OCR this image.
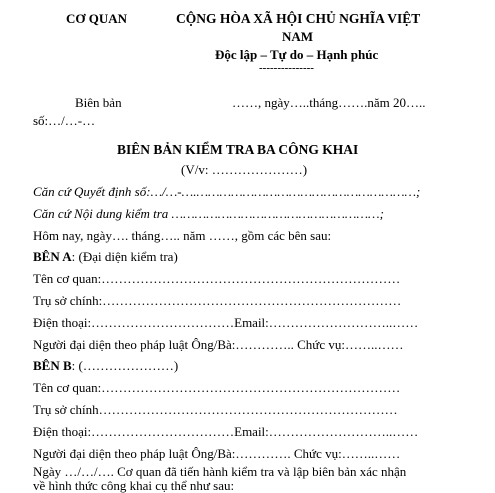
CƠ QUAN	CỘNG HÒA XÃ HỘI CHỦ NGHĨA VIỆT
NAM
Độc lập – Tự do – Hạnh phúc
---------------
Biên bản
số:…/…-…
……, ngày…..tháng…….năm 20…..
BIÊN BẢN KIỂM TRA BA CÔNG KHAI
(V/v: …………………)
Căn cứ Quyết định số:…/…-….…………………………………………………;
Căn cứ Nội dung kiểm tra ………………………………………………;
Hôm nay, ngày…. tháng….. năm ……, gồm các bên sau:
BÊN A: (Đại diện kiểm tra)
Tên cơ quan:……………………………………………………………
Trụ sở chính:……………………………………………………………
Điện thoại:……………………………Email:………………………..……
Người đại diện theo pháp luật Ông/Bà:………….. Chức vụ:……..……
BÊN B: (…………………)
Tên cơ quan:……………………………………………………………
Trụ sở chính……………………………………………………………
Điện thoại:……………………………Email:………………………..……
Người đại diện theo pháp luật Ông/Bà:…………. Chức vụ:……..……
Ngày …/…/…. Cơ quan đã tiến hành kiểm tra và lập biên bản xác nhận
về hình thức công khai cụ thể như sau:
